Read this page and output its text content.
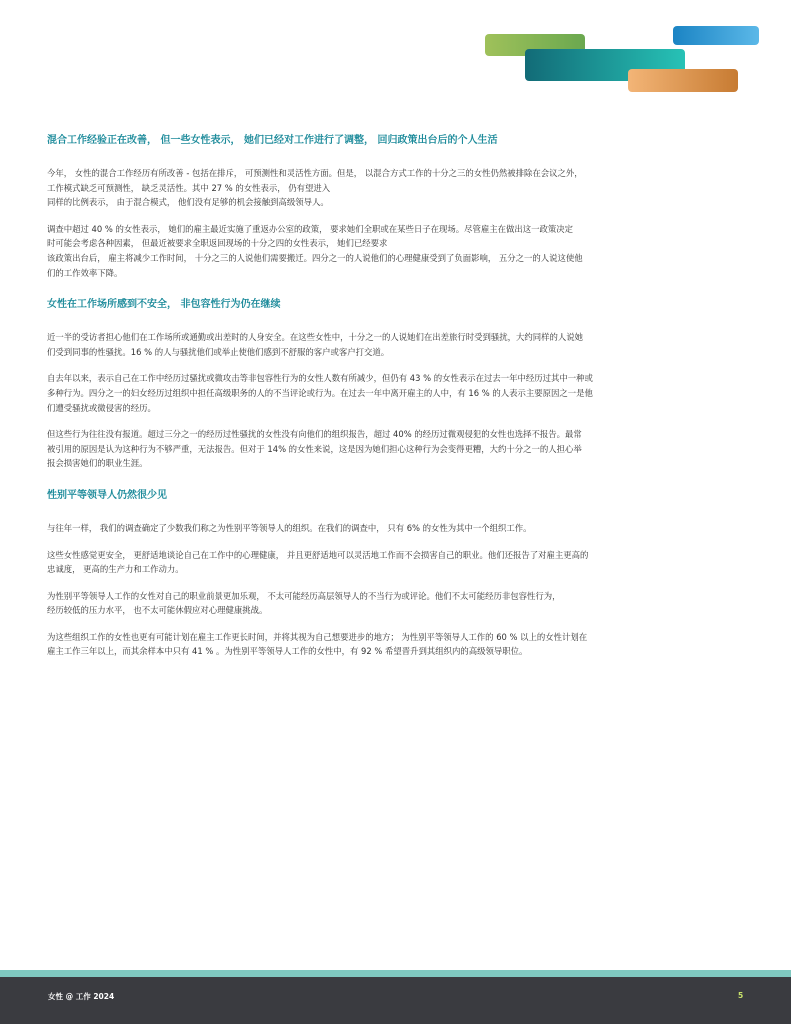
混合工作经验正在改善， 但一些女性表示， 她们已经对工作进行了调整， 回归政策出台后的个人生活

今年， 女性的混合工作经历有所改善 - 包括在排斥， 可预测性和灵活性方面。但是， 以混合方式工作的十分之三的女性仍然被排除在会议之外，
工作模式缺乏可预测性， 缺乏灵活性。其中 27 % 的女性表示， 仍有望进入
同样的比例表示， 由于混合模式， 他们没有足够的机会接触到高级领导人。

调查中超过 40 % 的女性表示， 她们的雇主最近实施了重返办公室的政策， 要求她们全职或在某些日子在现场。尽管雇主在做出这一政策决定
时可能会考虑各种因素， 但最近被要求全职返回现场的十分之四的女性表示， 她们已经要求
该政策出台后， 雇主将减少工作时间， 十分之三的人说他们需要搬迁。四分之一的人说他们的心理健康受到了负面影响， 五分之一的人说这使他
们的工作效率下降。

女性在工作场所感到不安全， 非包容性行为仍在继续

近一半的受访者担心他们在工作场所或通勤或出差时的人身安全。在这些女性中，十分之一的人说她们在出差旅行时受到骚扰，大约同样的人说她
们受到同事的性骚扰。16 % 的人与骚扰他们或举止使他们感到不舒服的客户或客户打交道。

自去年以来，表示自己在工作中经历过骚扰或微攻击等非包容性行为的女性人数有所减少，但仍有 43 % 的女性表示在过去一年中经历过其中一种或
多种行为。四分之一的妇女经历过组织中担任高级职务的人的不当评论或行为。在过去一年中离开雇主的人中，有 16 % 的人表示主要原因之一是他
们遭受骚扰或微侵害的经历。

但这些行为往往没有报道。超过三分之一的经历过性骚扰的女性没有向他们的组织报告，超过 40% 的经历过微观侵犯的女性也选择不报告。最常
被引用的原因是认为这种行为不够严重，无法报告。但对于 14% 的女性来说，这是因为她们担心这种行为会变得更糟，大约十分之一的人担心举
报会损害她们的职业生涯。

性别平等领导人仍然很少见

与往年一样， 我们的调查确定了少数我们称之为性别平等领导人的组织。在我们的调查中， 只有 6% 的女性为其中一个组织工作。

这些女性感觉更安全， 更舒适地谈论自己在工作中的心理健康， 并且更舒适地可以灵活地工作而不会损害自己的职业。他们还报告了对雇主更高的
忠诚度， 更高的生产力和工作动力。

为性别平等领导人工作的女性对自己的职业前景更加乐观， 不太可能经历高层领导人的不当行为或评论。他们不太可能经历非包容性行为，
经历较低的压力水平， 也不太可能休假应对心理健康挑战。

为这些组织工作的女性也更有可能计划在雇主工作更长时间，并将其视为自己想要进步的地方； 为性别平等领导人工作的 60 % 以上的女性计划在
雇主工作三年以上，而其余样本中只有 41 % 。为性别平等领导人工作的女性中，有 92 % 希望晋升到其组织内的高级领导职位。

女性 @ 工作 2024	5
